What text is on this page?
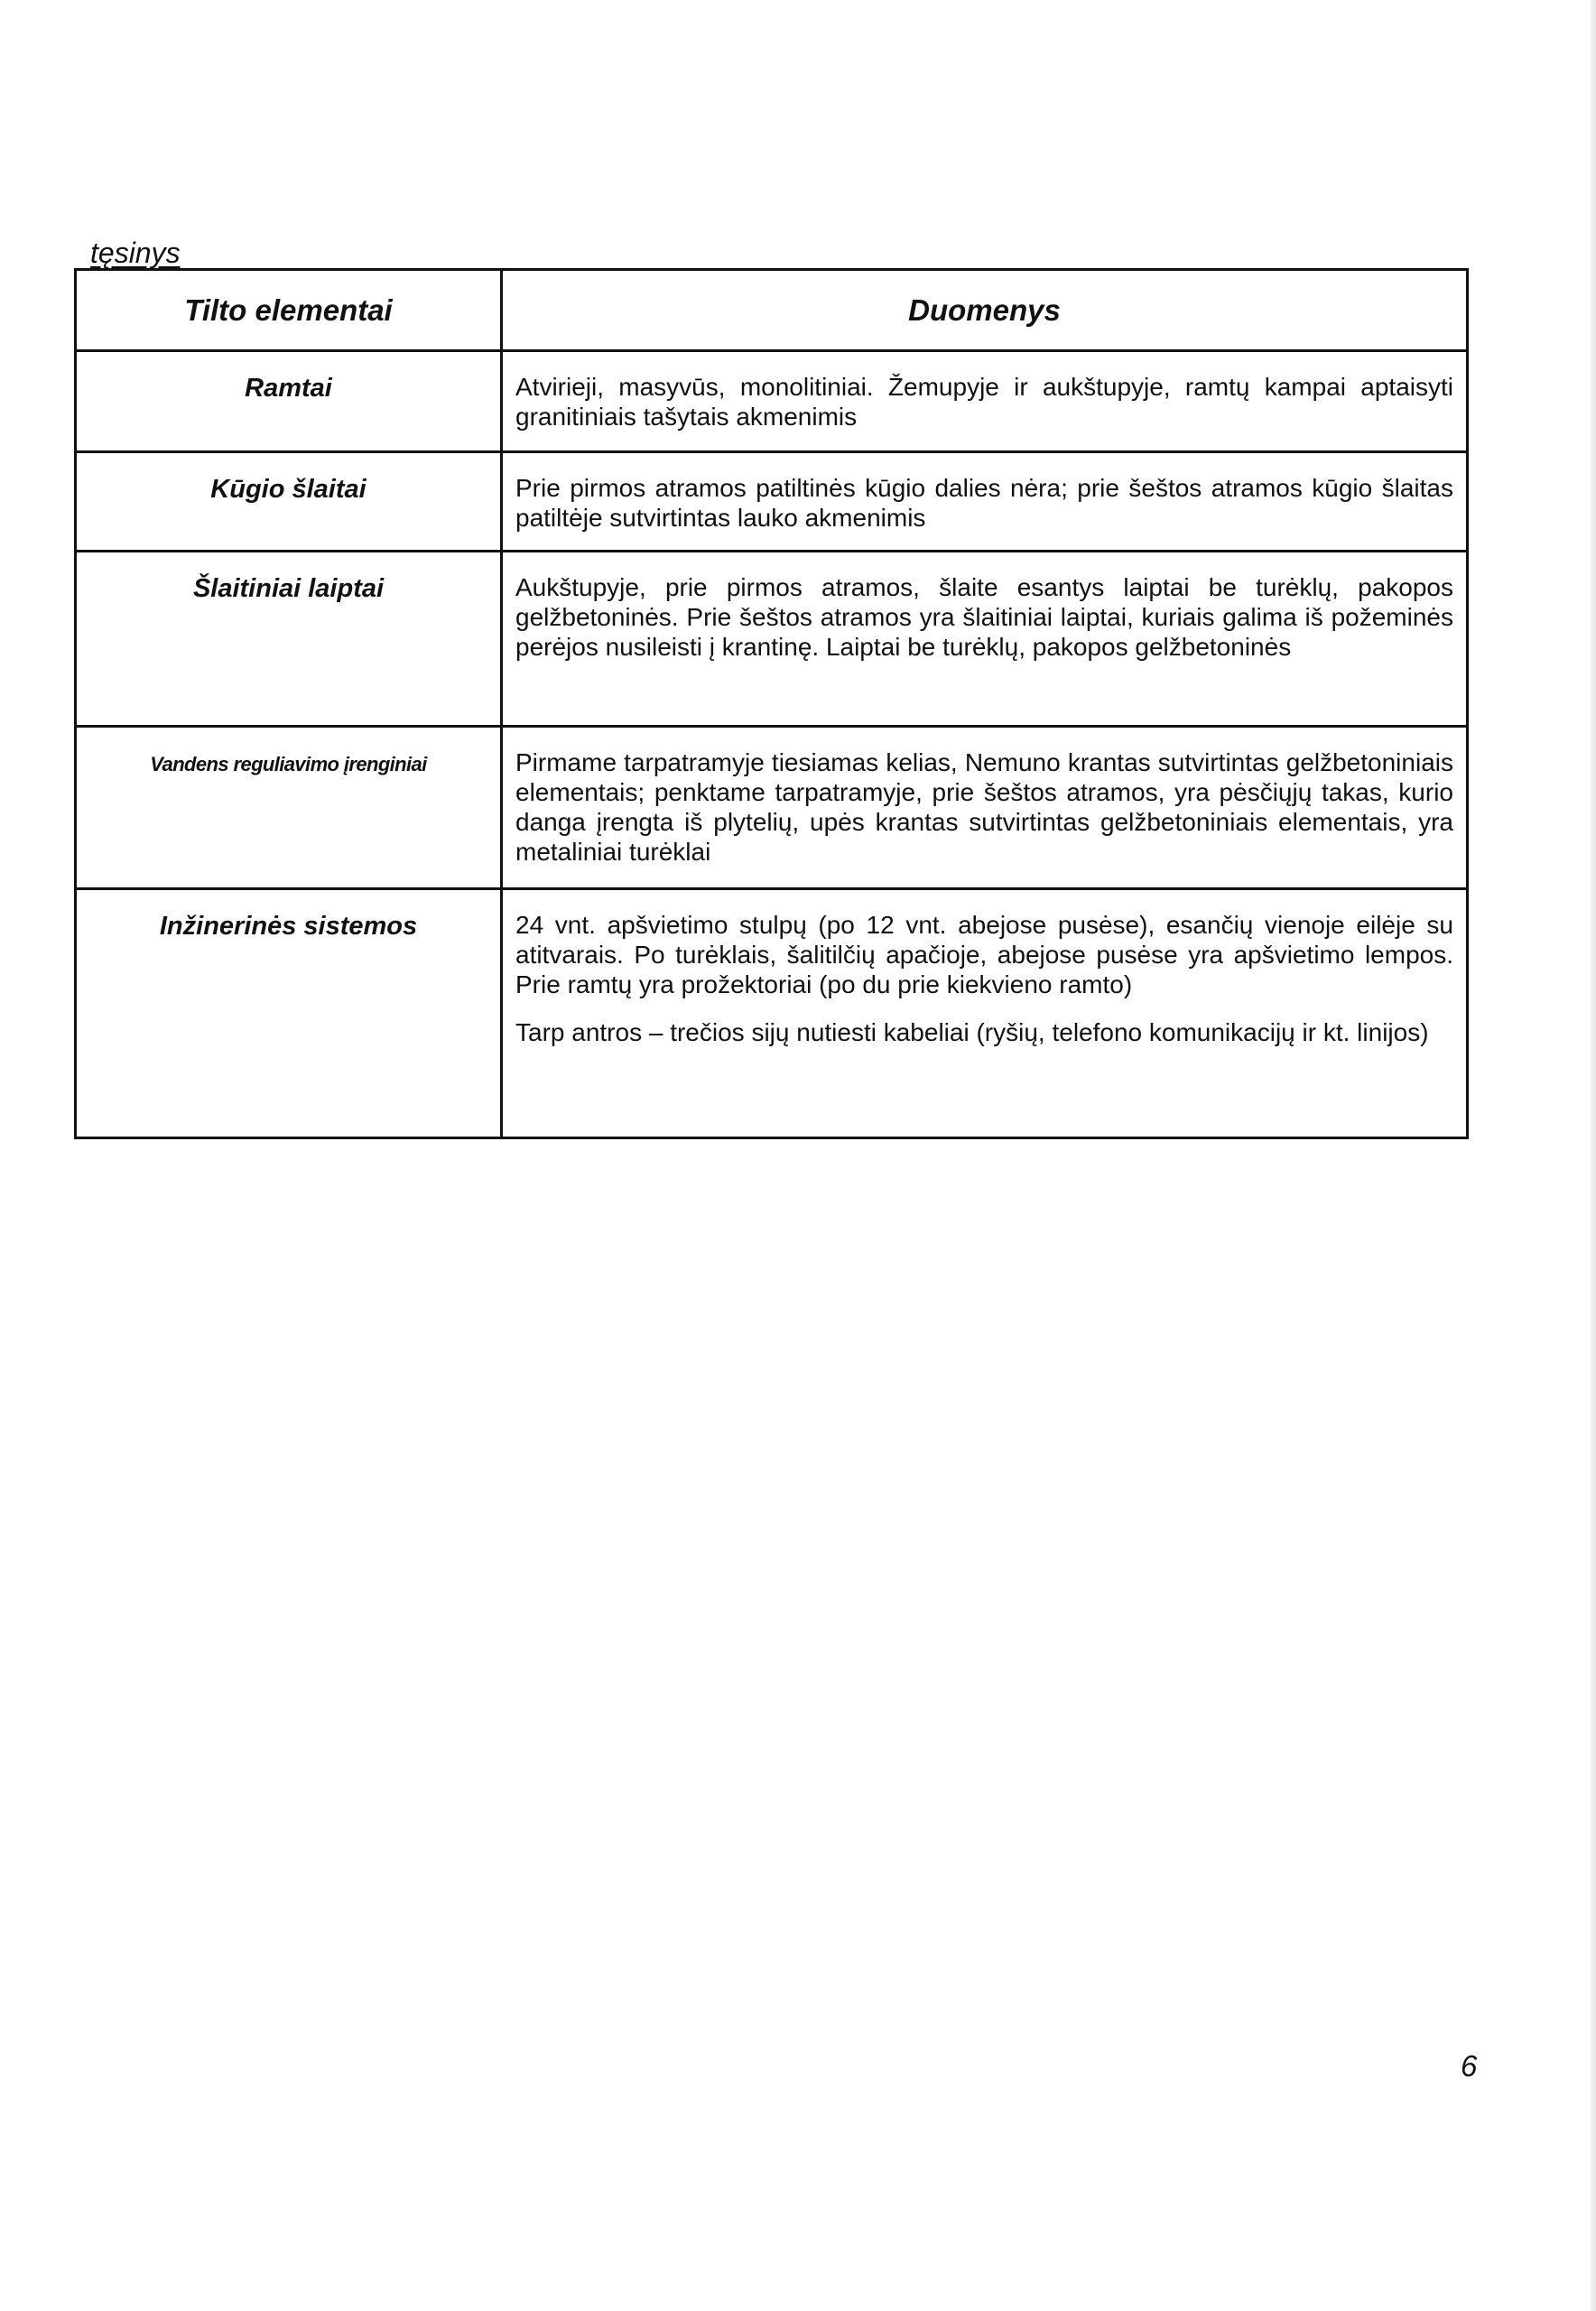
tęsinys
Tilto elementai	Duomenys
Ramtai	Atvirieji, masyvūs, monolitiniai. Žemupyje ir aukštupyje, ramtų kampai aptaisyti granitiniais tašytais akmenimis

Kūgio šlaitai	Prie pirmos atramos patiltinės kūgio dalies nėra; prie šeštos atramos kūgio šlaitas patiltėje sutvirtintas lauko akmenimis

Šlaitiniai laiptai	Aukštupyje, prie pirmos atramos, šlaite esantys laiptai be turėklų, pakopos gelžbetoninės. Prie šeštos atramos yra šlaitiniai laiptai, kuriais galima iš požeminės perėjos nusileisti į krantinę. Laiptai be turėklų, pakopos gelžbetoninės

Vandens reguliavimo įrenginiai	Pirmame tarpatramyje tiesiamas kelias, Nemuno krantas sutvirtintas gelžbetoniniais elementais; penktame tarpatramyje, prie šeštos atramos, yra pėsčiųjų takas, kurio danga įrengta iš plytelių, upės krantas sutvirtintas gelžbetoniniais elementais, yra metaliniai turėklai

Inžinerinės sistemos	24 vnt. apšvietimo stulpų (po 12 vnt. abejose pusėse), esančių vienoje eilėje su atitvarais. Po turėklais, šalitilčių apačioje, abejose pusėse yra apšvietimo lempos. Prie ramtų yra prožektoriai (po du prie kiekvieno ramto)

Tarp antros – trečios sijų nutiesti kabeliai (ryšių, telefono komunikacijų ir kt. linijos)

6
